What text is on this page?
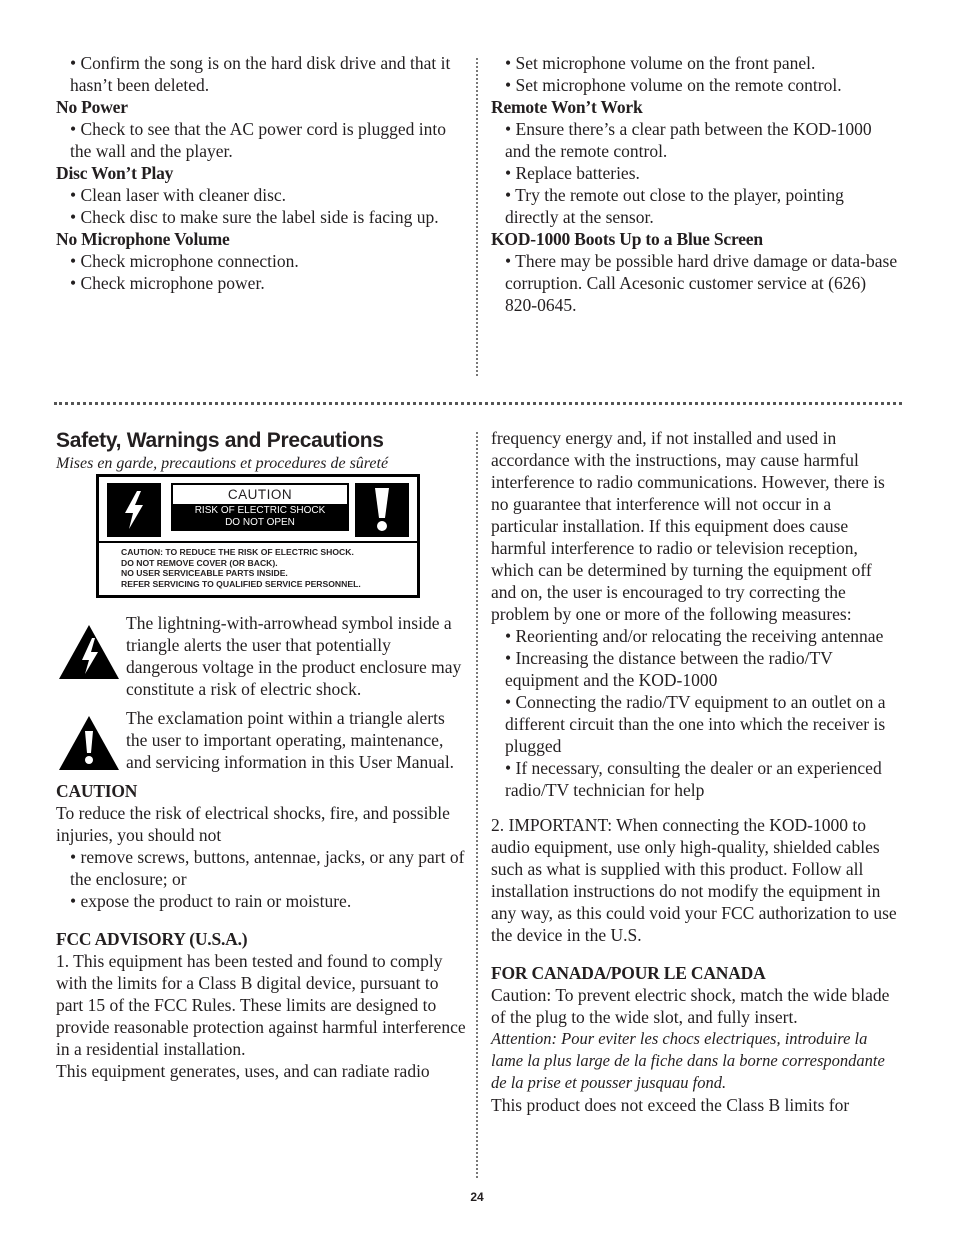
• Confirm the song is on the hard disk drive and that it hasn’t been deleted.

No Power

• Check to see that the AC power cord is plugged into the wall and the player.

Disc Won’t Play

• Clean laser with cleaner disc.

• Check disc to make sure the label side is facing up.

No Microphone Volume

• Check microphone connection.

• Check microphone power.

• Set microphone volume on the front panel.

• Set microphone volume on the remote control.

Remote Won’t Work

• Ensure there’s a clear path between the KOD-1000 and the remote control.

• Replace batteries.

• Try the remote out close to the player, pointing directly at the sensor.

KOD-1000 Boots Up to a Blue Screen

• There may be possible hard drive damage or data-base corruption. Call Acesonic customer service at (626) 820-0645.

Safety, Warnings and Precautions

Mises en garde, precautions et procedures de sûreté

CAUTION
RISK OF ELECTRIC SHOCK
DO NOT OPEN
CAUTION: TO REDUCE THE RISK OF ELECTRIC SHOCK.
DO NOT REMOVE COVER (OR BACK).
NO USER SERVICEABLE PARTS INSIDE.
REFER SERVICING TO QUALIFIED SERVICE PERSONNEL.

The lightning-with-arrowhead symbol inside a triangle alerts the user that potentially dangerous voltage in the product enclosure may constitute a risk of electric shock.

The exclamation point within a triangle alerts the user to important operating, maintenance, and servicing information in this User Manual.

CAUTION

To reduce the risk of electrical shocks, fire, and possible injuries, you should not

• remove screws, buttons, antennae, jacks, or any part of the enclosure; or

• expose the product to rain or moisture.

FCC ADVISORY (U.S.A.)

1. This equipment has been tested and found to comply with the limits for a Class B digital device, pursuant to part 15 of the FCC Rules. These limits are designed to provide reasonable protection against harmful interference in a residential installation.

This equipment generates, uses, and can radiate radio

frequency energy and, if not installed and used in accordance with the instructions, may cause harmful interference to radio communications. However, there is no guarantee that interference will not occur in a particular installation. If this equipment does cause harmful interference to radio or television reception, which can be determined by turning the equipment off and on, the user is encouraged to try correcting the problem by one or more of the following measures:

• Reorienting and/or relocating the receiving antennae

• Increasing the distance between the radio/TV equipment and the KOD-1000

• Connecting the radio/TV equipment to an outlet on a different circuit than the one into which the receiver is plugged

• If necessary, consulting the dealer or an experienced radio/TV technician for help

2. IMPORTANT: When connecting the KOD-1000 to audio equipment, use only high-quality, shielded cables such as what is supplied with this product. Follow all installation instructions do not modify the equipment in any way, as this could void your FCC authorization to use the device in the U.S.

FOR CANADA/POUR LE CANADA

Caution: To prevent electric shock, match the wide blade of the plug to the wide slot, and fully insert.

Attention: Pour eviter les chocs electriques, introduire la lame la plus large de la fiche dans la borne correspondante de la prise et pousser jusquau fond.

This product does not exceed the Class B limits for

24
